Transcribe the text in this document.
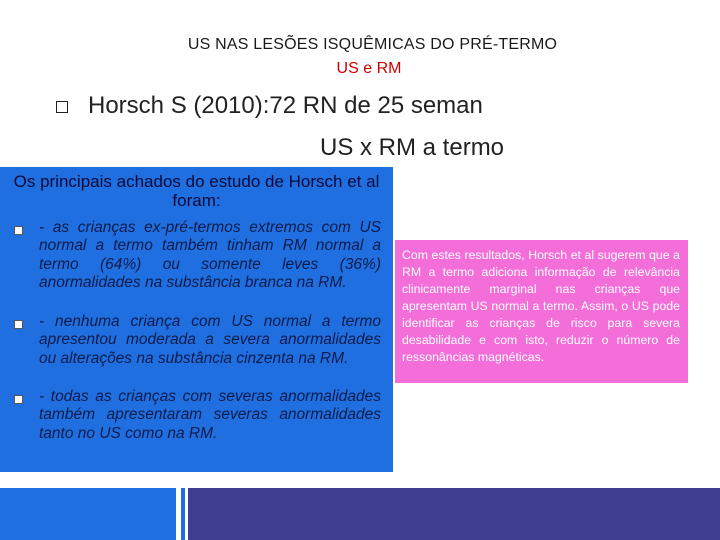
US NAS LESÕES ISQUÊMICAS DO PRÉ-TERMO
US e RM
Horsch S (2010):72 RN de 25 seman
US x RM a termo
Os principais achados do estudo de Horsch et al foram:
- as crianças ex-pré-termos extremos com US normal a termo também tinham RM normal a termo (64%) ou somente leves (36%) anormalidades na substância branca na RM.
- nenhuma criança com US normal a termo apresentou moderada a severa anormalidades ou alterações na substância cinzenta na RM.
- todas as crianças com severas anormalidades também apresentaram severas anormalidades tanto no US como na RM.
Com estes resultados, Horsch et al sugerem que a RM a termo adiciona informação de relevância clinicamente marginal nas crianças que apresentam US normal a termo. Assim, o US pode identificar as crianças de risco para severa desabilidade e com isto, reduzir o número de ressonâncias magnéticas.
